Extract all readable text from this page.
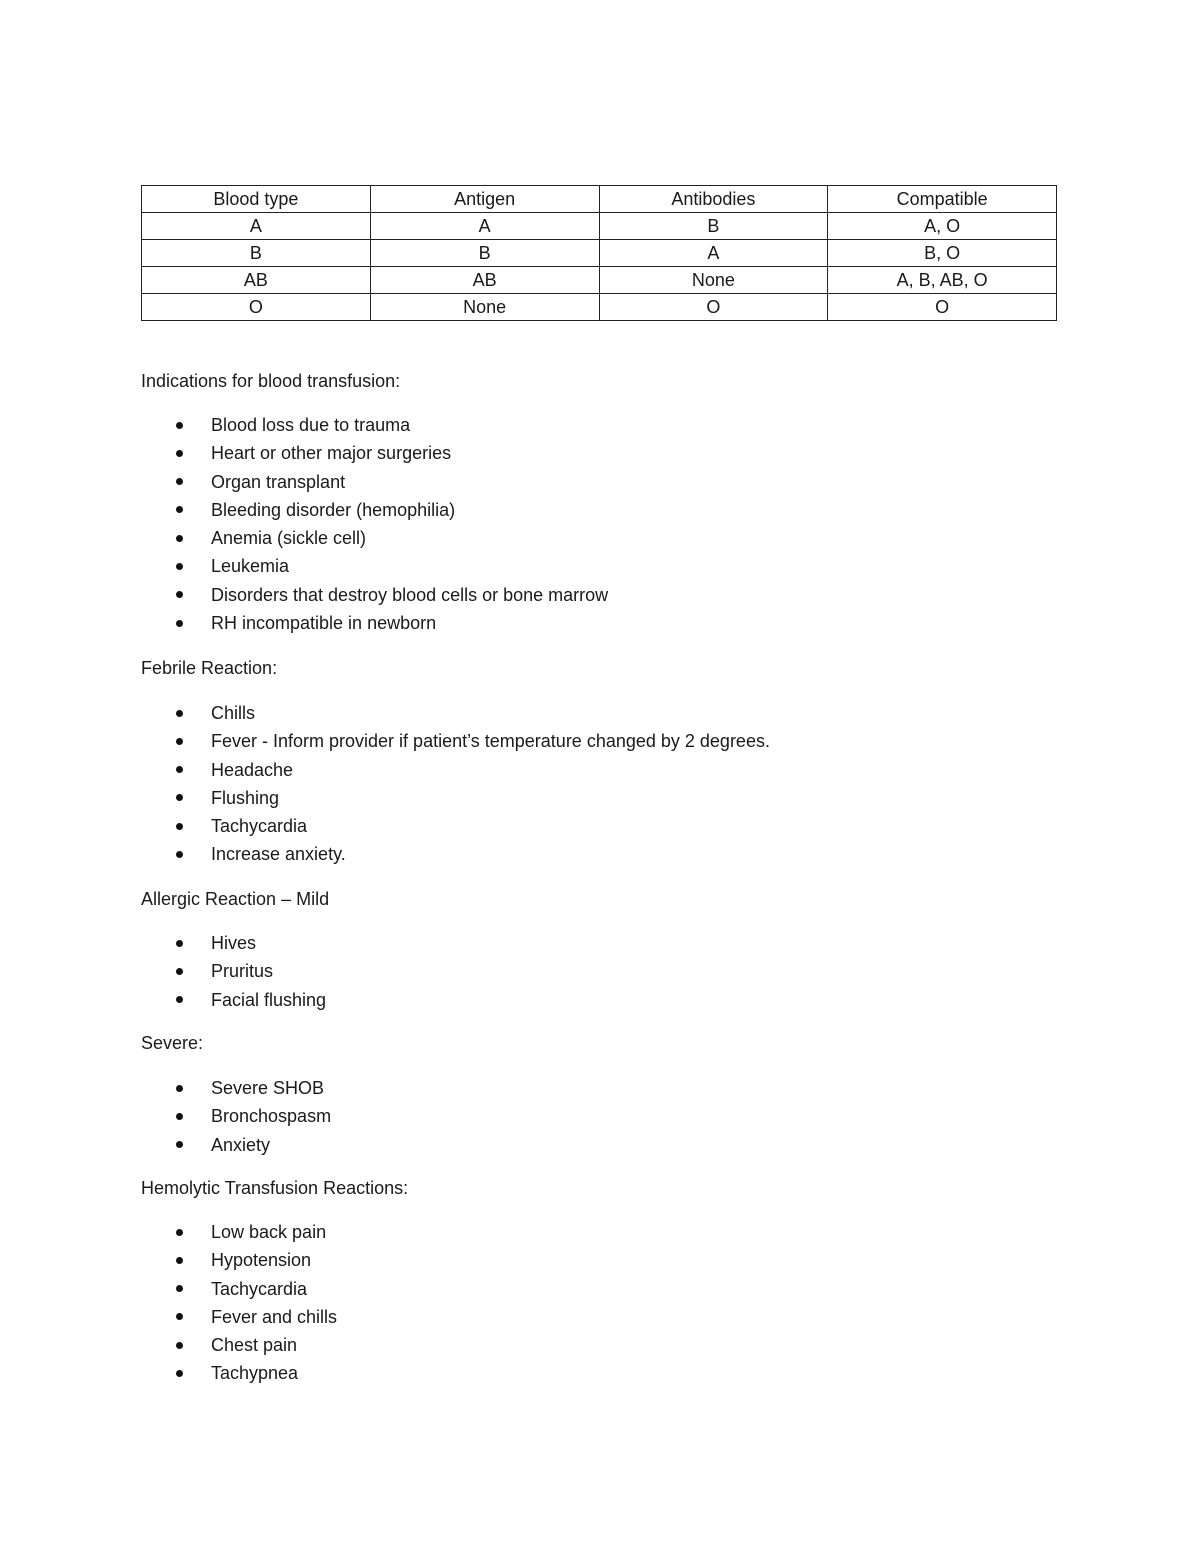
Blood type	Antigen	Antibodies	Compatible
A	A	B	A, O
B	B	A	B, O
AB	AB	None	A, B, AB, O
O	None	O	O

Indications for blood transfusion:

Blood loss due to trauma
Heart or other major surgeries
Organ transplant
Bleeding disorder (hemophilia)
Anemia (sickle cell)
Leukemia
Disorders that destroy blood cells or bone marrow
RH incompatible in newborn

Febrile Reaction:

Chills
Fever - Inform provider if patient’s temperature changed by 2 degrees.
Headache
Flushing
Tachycardia
Increase anxiety.

Allergic Reaction – Mild

Hives
Pruritus
Facial flushing

Severe:

Severe SHOB
Bronchospasm
Anxiety

Hemolytic Transfusion Reactions:

Low back pain
Hypotension
Tachycardia
Fever and chills
Chest pain
Tachypnea
